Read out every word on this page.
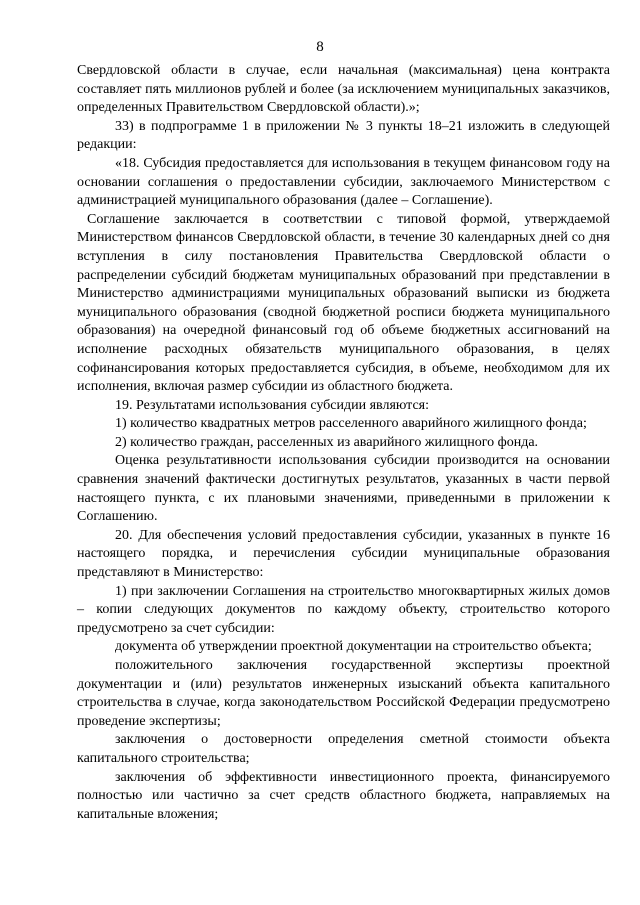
8

Свердловской области в случае, если начальная (максимальная) цена контракта составляет пять миллионов рублей и более (за исключением муниципальных заказчиков, определенных Правительством Свердловской области).»;

33) в подпрограмме 1 в приложении № 3 пункты 18–21 изложить в следующей редакции:

«18. Субсидия предоставляется для использования в текущем финансовом году на основании соглашения о предоставлении субсидии, заключаемого Министерством с администрацией муниципального образования (далее – Соглашение).

Соглашение заключается в соответствии с типовой формой, утверждаемой Министерством финансов Свердловской области, в течение 30 календарных дней со дня вступления в силу постановления Правительства Свердловской области о распределении субсидий бюджетам муниципальных образований при представлении в Министерство администрациями муниципальных образований выписки из бюджета муниципального образования (сводной бюджетной росписи бюджета муниципального образования) на очередной финансовый год об объеме бюджетных ассигнований на исполнение расходных обязательств муниципального образования, в целях софинансирования которых предоставляется субсидия, в объеме, необходимом для их исполнения, включая размер субсидии из областного бюджета.

19. Результатами использования субсидии являются:

1) количество квадратных метров расселенного аварийного жилищного фонда;

2) количество граждан, расселенных из аварийного жилищного фонда.

Оценка результативности использования субсидии производится на основании сравнения значений фактически достигнутых результатов, указанных в части первой настоящего пункта, с их плановыми значениями, приведенными в приложении к Соглашению.

20. Для обеспечения условий предоставления субсидии, указанных в пункте 16 настоящего порядка, и перечисления субсидии муниципальные образования представляют в Министерство:

1) при заключении Соглашения на строительство многоквартирных жилых домов – копии следующих документов по каждому объекту, строительство которого предусмотрено за счет субсидии:

документа об утверждении проектной документации на строительство объекта;

положительного заключения государственной экспертизы проектной документации и (или) результатов инженерных изысканий объекта капитального строительства в случае, когда законодательством Российской Федерации предусмотрено проведение экспертизы;

заключения о достоверности определения сметной стоимости объекта капитального строительства;

заключения об эффективности инвестиционного проекта, финансируемого полностью или частично за счет средств областного бюджета, направляемых на капитальные вложения;
